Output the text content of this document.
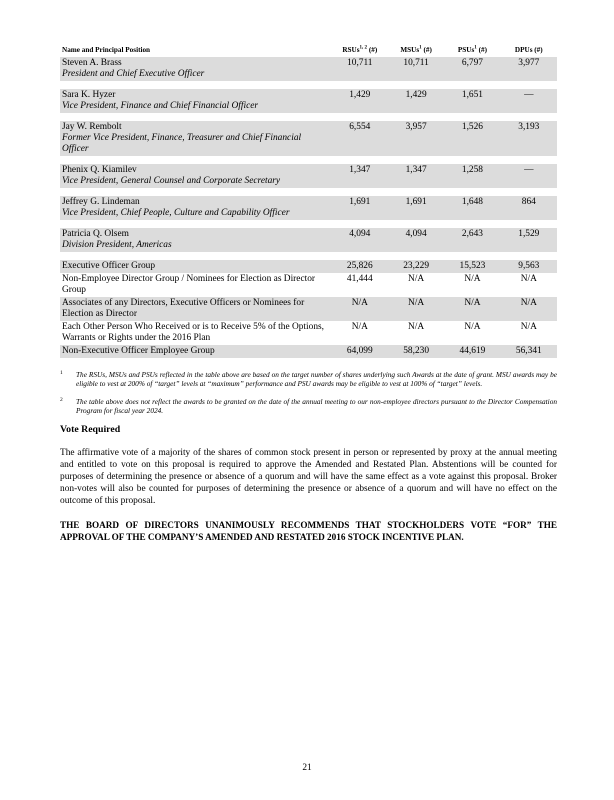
Name and Principal Position	RSUs$^{1, 2}$ (#)	MSUs$^1$ (#)	PSUs$^1$ (#)	DPUs (#)

Steven A. Brass
President and Chief Executive Officer	10,711	10,711	6,797	3,977

Sara K. Hyzer
Vice President, Finance and Chief Financial Officer	1,429	1,429	1,651	—

Jay W. Rembolt
Former Vice President, Finance, Treasurer and Chief Financial Officer	6,554	3,957	1,526	3,193

Phenix Q. Kiamilev
Vice President, General Counsel and Corporate Secretary	1,347	1,347	1,258	—

Jeffrey G. Lindeman
Vice President, Chief People, Culture and Capability Officer	1,691	1,691	1,648	864

Patricia Q. Olsem
Division President, Americas	4,094	4,094	2,643	1,529

Executive Officer Group	25,826	23,229	15,523	9,563
Non-Employee Director Group / Nominees for Election as Director Group	41,444	N/A	N/A	N/A
Associates of any Directors, Executive Officers or Nominees for Election as Director	N/A	N/A	N/A	N/A
Each Other Person Who Received or is to Receive 5% of the Options, Warrants or Rights under the 2016 Plan	N/A	N/A	N/A	N/A
Non-Executive Officer Employee Group	64,099	58,230	44,619	56,341
1	The RSUs, MSUs and PSUs reflected in the table above are based on the target number of shares underlying such Awards at the date of grant. MSU awards may be eligible to vest at 200% of “target” levels at “maximum” performance and PSU awards may be eligible to vest at 100% of “target” levels.
2	The table above does not reflect the awards to be granted on the date of the annual meeting to our non-employee directors pursuant to the Director Compensation Program for fiscal year 2024.
Vote Required

The affirmative vote of a majority of the shares of common stock present in person or represented by proxy at the annual meeting and entitled to vote on this proposal is required to approve the Amended and Restated Plan. Abstentions will be counted for purposes of determining the presence or absence of a quorum and will have the same effect as a vote against this proposal. Broker non-votes will also be counted for purposes of determining the presence or absence of a quorum and will have no effect on the outcome of this proposal.

THE BOARD OF DIRECTORS UNANIMOUSLY RECOMMENDS THAT STOCKHOLDERS VOTE “FOR” THE APPROVAL OF THE COMPANY’S AMENDED AND RESTATED 2016 STOCK INCENTIVE PLAN.

21
